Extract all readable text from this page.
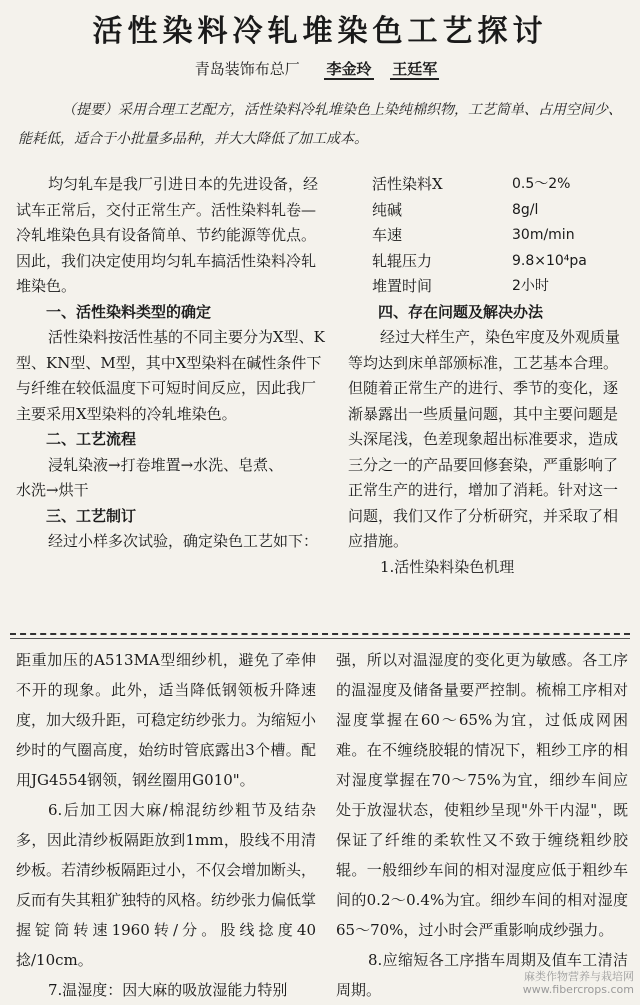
活性染料冷轧堆染色工艺探讨
青岛装饰布总厂 李金玲 王廷军
（提要）采用合理工艺配方，活性染料冷轧堆染色上染纯棉织物，工艺简单、占用空间少、能耗低，适合于小批量多品种，并大大降低了加工成本。

均匀轧车是我厂引进日本的先进设备，经试车正常后，交付正常生产。活性染料轧卷—冷轧堆染色具有设备简单、节约能源等优点。因此，我们决定使用均匀轧车搞活性染料冷轧堆染色。

一、活性染料类型的确定

活性染料按活性基的不同主要分为X型、K型、KN型、M型，其中X型染料在碱性条件下与纤维在较低温度下可短时间反应，因此我厂主要采用X型染料的冷轧堆染色。

二、工艺流程

浸轧染液→打卷堆置→水洗、皂煮、

水洗→烘干

三、工艺制订

经过小样多次试验，确定染色工艺如下：

活性染料X	0.5～2%
纯碱	8g/l
车速	30m/min
轧辊压力	9.8×10⁴pa
堆置时间	2小时

四、存在问题及解决办法

经过大样生产，染色牢度及外观质量等均达到床单部颁标准，工艺基本合理。但随着正常生产的进行、季节的变化，逐渐暴露出一些质量问题，其中主要问题是头深尾浅，色差现象超出标准要求，造成三分之一的产品要回修套染，严重影响了正常生产的进行，增加了消耗。针对这一问题，我们又作了分析研究，并采取了相应措施。

1.活性染料染色机理

距重加压的A513MA型细纱机，避免了牵伸不开的现象。此外，适当降低钢领板升降速度，加大级升距，可稳定纺纱张力。为缩短小纱时的气圈高度，始纺时管底露出3个槽。配用JG4554钢领，钢丝圈用G010"。

6.后加工因大麻/棉混纺纱粗节及结杂多，因此清纱板隔距放到1mm，股线不用清纱板。若清纱板隔距过小，不仅会增加断头，反而有失其粗犷独特的风格。纺纱张力偏低掌握锭筒转速1960转/分。股线捻度40捻/10cm。

7.温湿度：因大麻的吸放湿能力特别

强，所以对温湿度的变化更为敏感。各工序的温湿度及储备量要严控制。梳棉工序相对湿度掌握在60～65%为宜，过低成网困难。在不缠绕胶辊的情况下，粗纱工序的相对湿度掌握在70～75%为宜，细纱车间应处于放湿状态，使粗纱呈现"外干内湿"，既保证了纤维的柔软性又不致于缠绕粗纱胶辊。一般细纱车间的相对湿度应低于粗纱车间的0.2～0.4%为宜。细纱车间的相对湿度65～70%，过小时会严重影响成纱强力。

8.应缩短各工序揩车周期及值车工清洁周期。

麻类作物营养与栽培网
www.fibercrops.com
